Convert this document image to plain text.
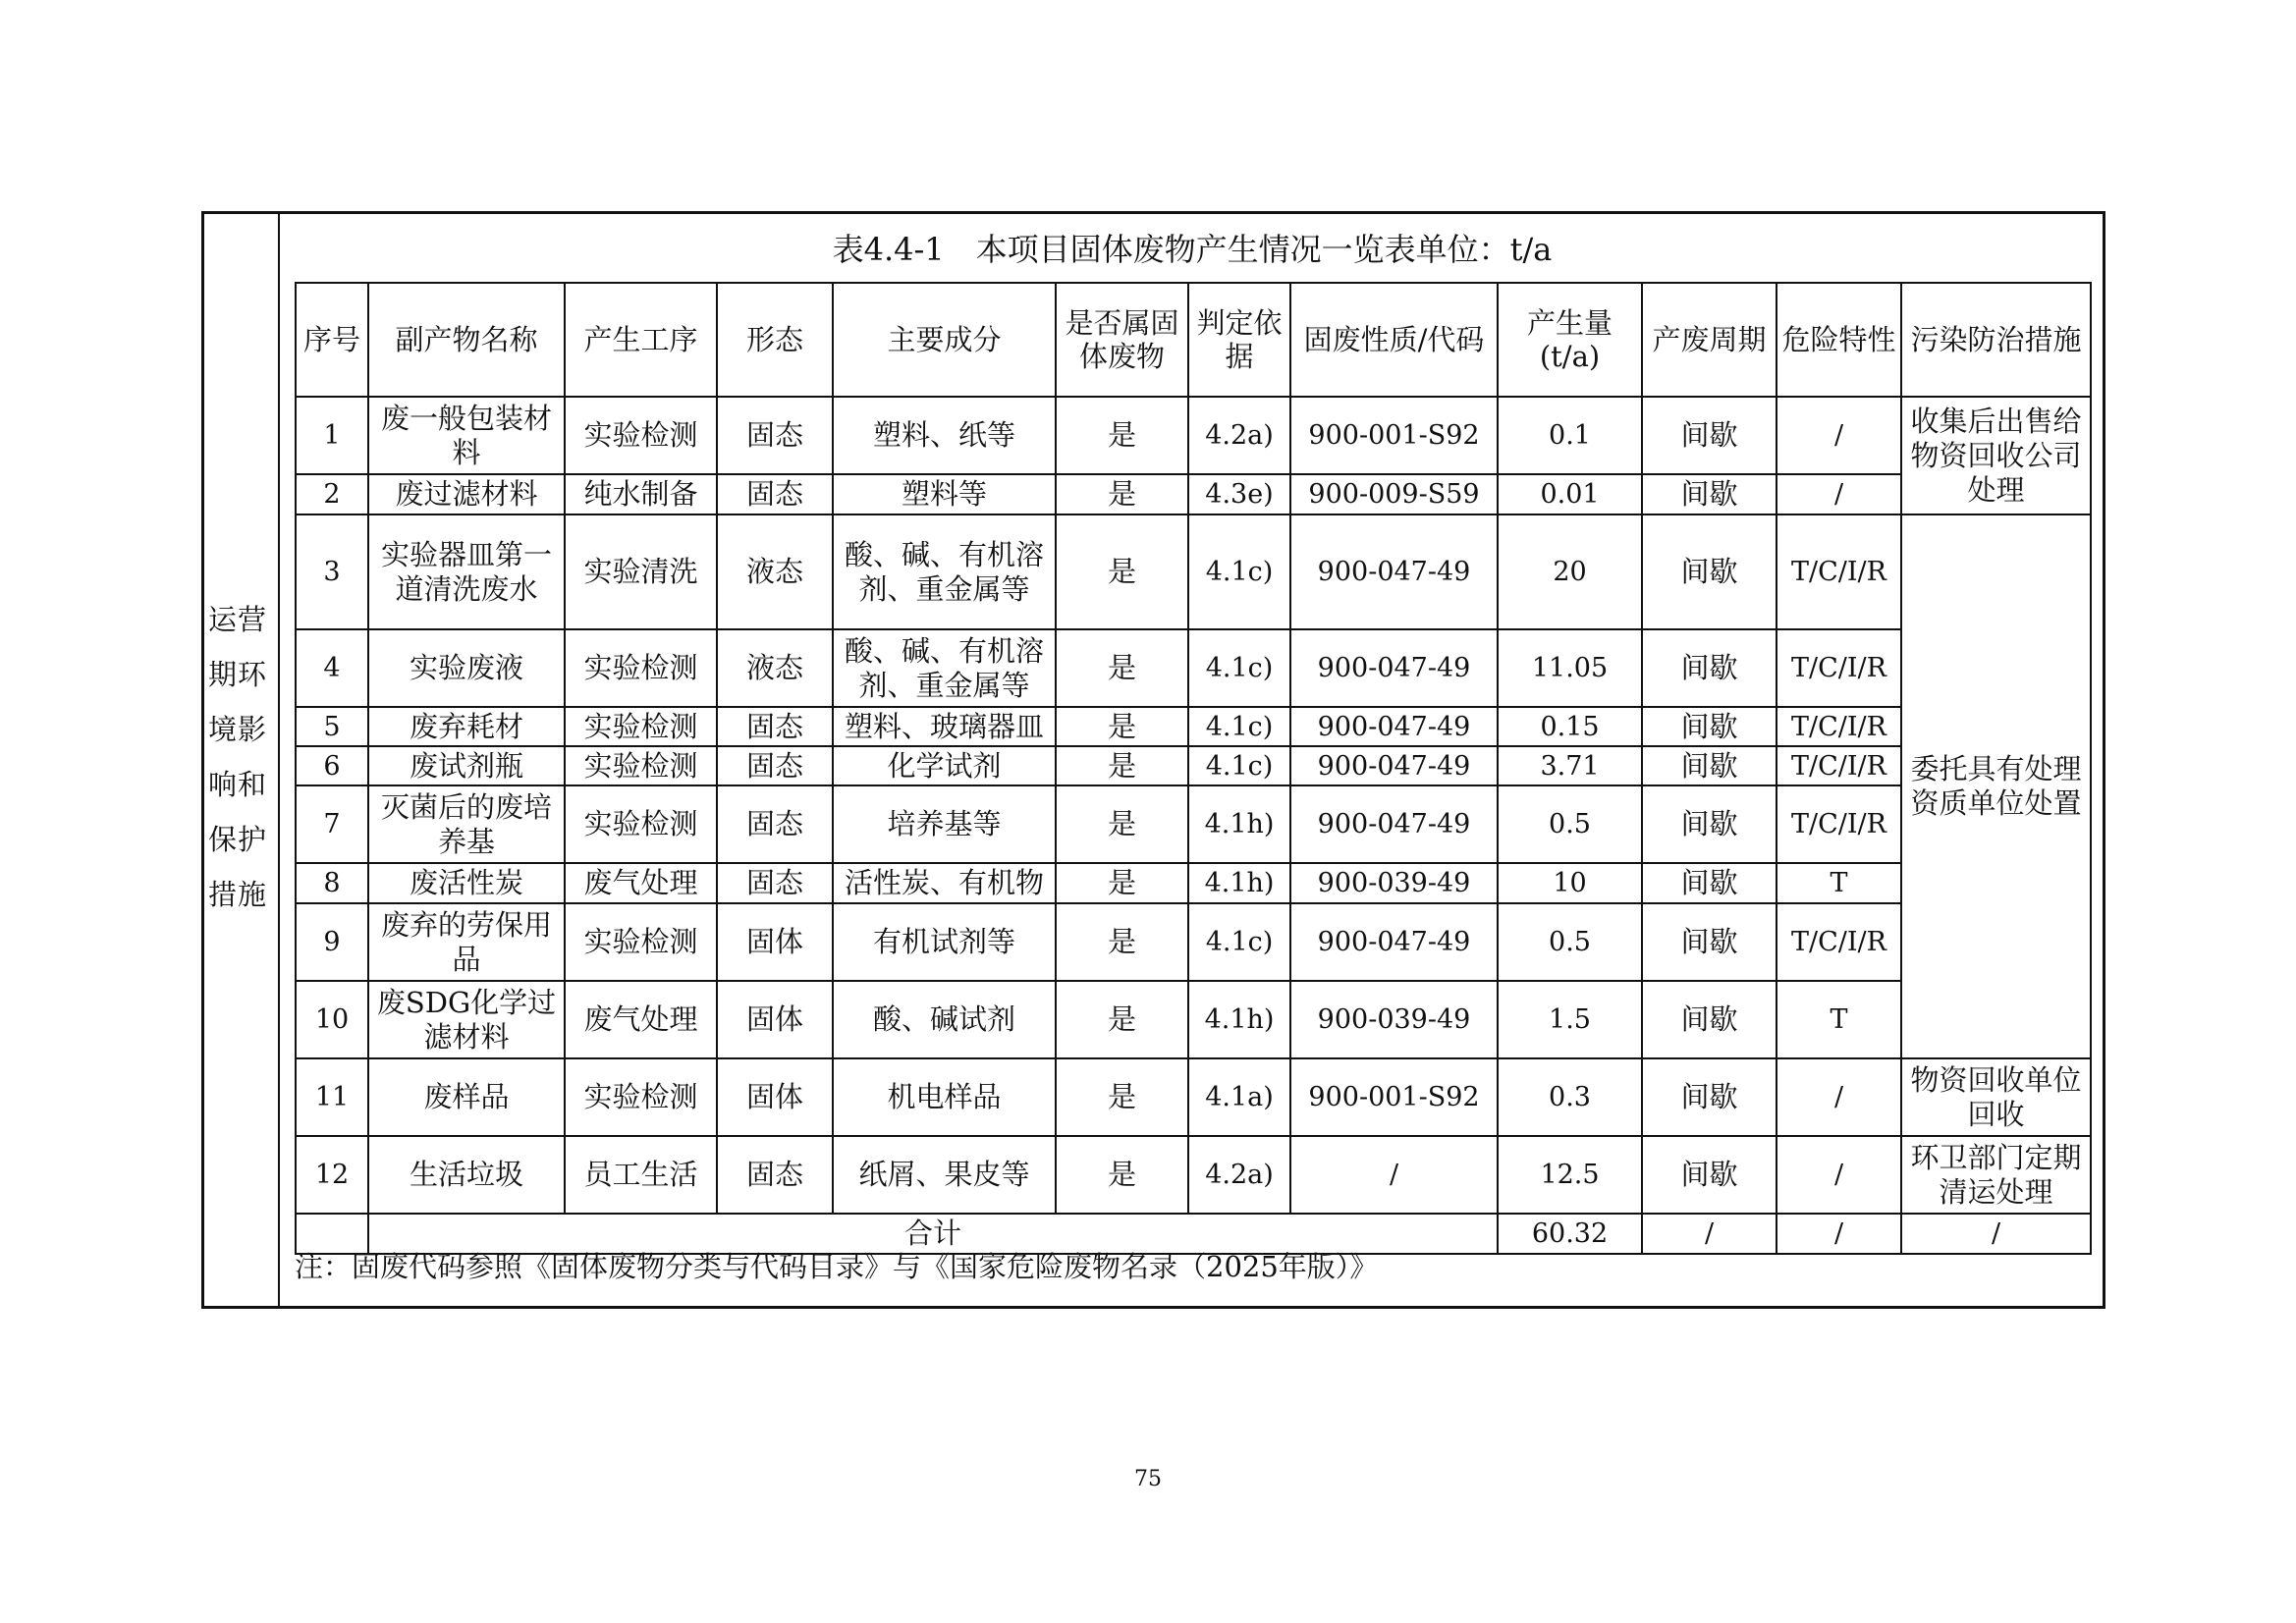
运营
期环
境影
响和
保护
措施
表4.4-1　本项目固体废物产生情况一览表单位：t/a
序号	副产物名称	产生工序	形态	主要成分	是否属固体废物	判定依据	固废性质/代码	产生量(t/a)	产废周期	危险特性	污染防治措施
1	废一般包装材料	实验检测	固态	塑料、纸等	是	4.2a)	900-001-S92	0.1	间歇	/	收集后出售给物资回收公司处理
2	废过滤材料	纯水制备	固态	塑料等	是	4.3e)	900-009-S59	0.01	间歇	/	
3	实验器皿第一道清洗废水	实验清洗	液态	酸、碱、有机溶剂、重金属等	是	4.1c)	900-047-49	20	间歇	T/C/I/R	委托具有处理资质单位处置
4	实验废液	实验检测	液态	酸、碱、有机溶剂、重金属等	是	4.1c)	900-047-49	11.05	间歇	T/C/I/R	
5	废弃耗材	实验检测	固态	塑料、玻璃器皿	是	4.1c)	900-047-49	0.15	间歇	T/C/I/R	
6	废试剂瓶	实验检测	固态	化学试剂	是	4.1c)	900-047-49	3.71	间歇	T/C/I/R	
7	灭菌后的废培养基	实验检测	固态	培养基等	是	4.1h)	900-047-49	0.5	间歇	T/C/I/R	
8	废活性炭	废气处理	固态	活性炭、有机物	是	4.1h)	900-039-49	10	间歇	T	
9	废弃的劳保用品	实验检测	固体	有机试剂等	是	4.1c)	900-047-49	0.5	间歇	T/C/I/R	
10	废SDG化学过滤材料	废气处理	固体	酸、碱试剂	是	4.1h)	900-039-49	1.5	间歇	T	
11	废样品	实验检测	固体	机电样品	是	4.1a)	900-001-S92	0.3	间歇	/	物资回收单位回收
12	生活垃圾	员工生活	固态	纸屑、果皮等	是	4.2a)	/	12.5	间歇	/	环卫部门定期清运处理
	合计							60.32	/	/	/
注：固废代码参照《固体废物分类与代码目录》与《国家危险废物名录（2025年版）》
75
